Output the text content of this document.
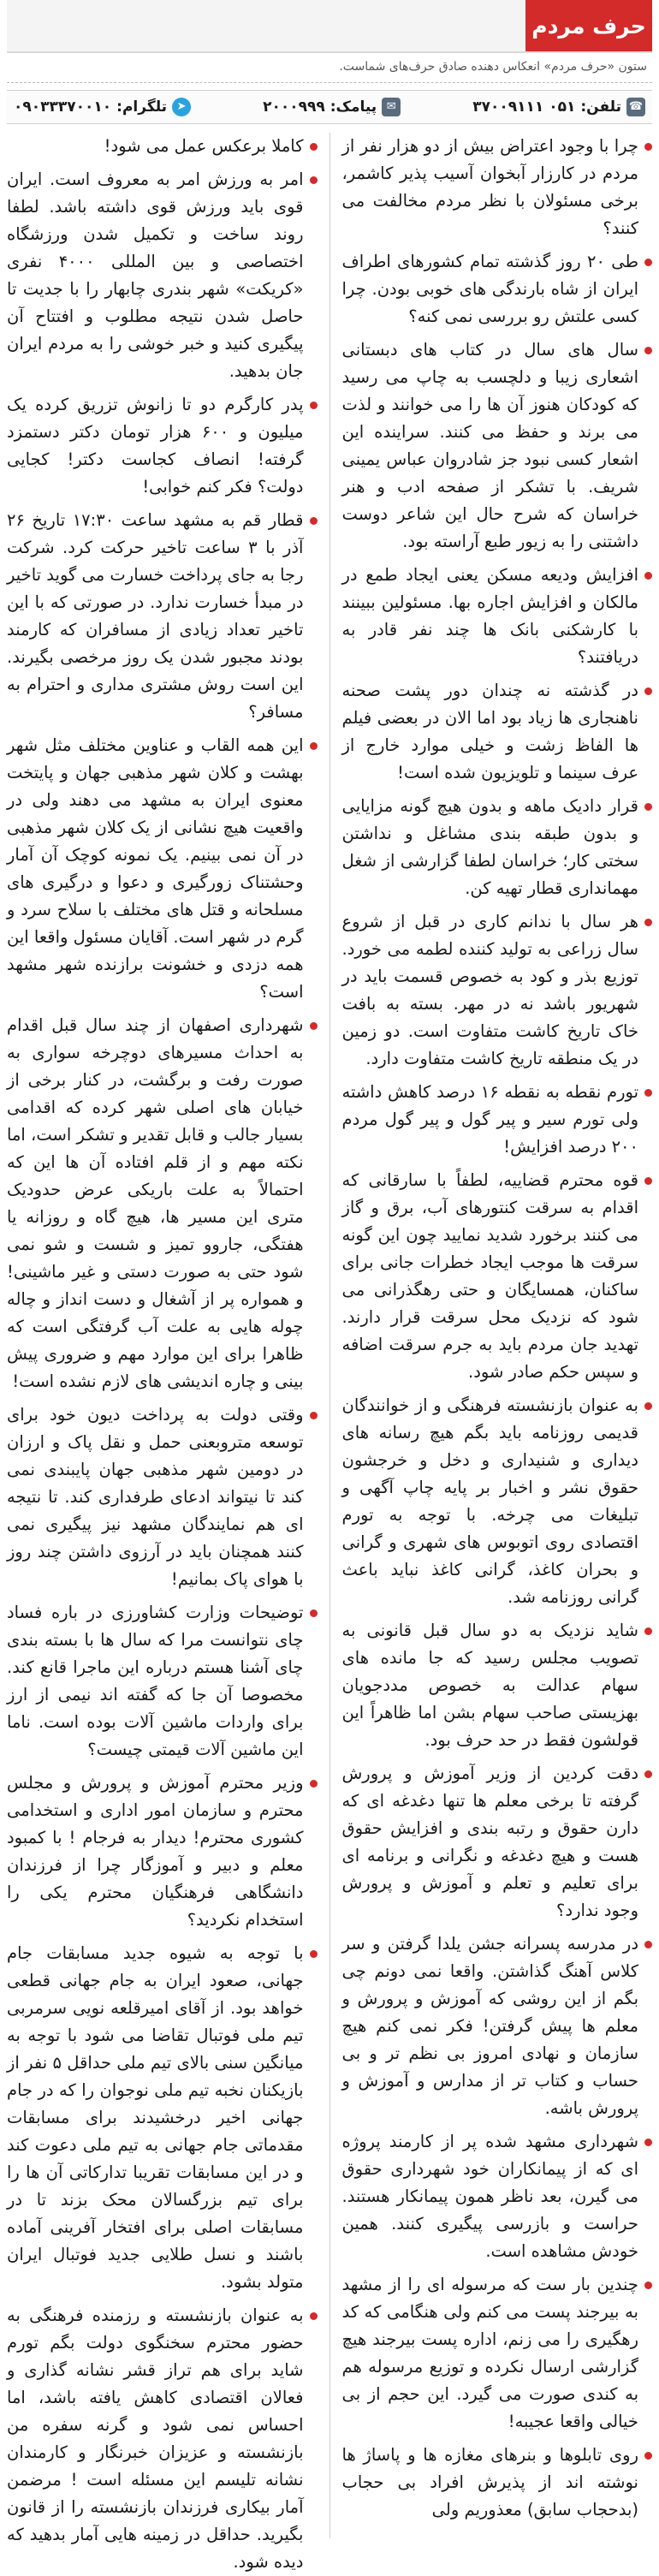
حرف مردم
ستون «حرف مردم» انعکاس دهنده صادق حرف‌های شماست.
☎
تلفن:
۰۵۱ ۳۷۰۰۹۱۱۱
✉
پیامک:
۲۰۰۰۹۹۹
➤
تلگرام:
۰۹۰۳۳۳۷۰۰۱۰
چرا با وجود اعتراض بیش از دو هزار نفر از مردم در کارزار آبخوان آسیب پذیر کاشمر، برخی مسئولان با نظر مردم مخالفت می کنند؟
طی ۲۰ روز گذشته تمام کشورهای اطراف ایران از شاه بارندگی های خوبی بودن. چرا کسی علتش رو بررسی نمی کنه؟
سال های سال در کتاب های دبستانی اشعاری زیبا و دلچسب به چاپ می رسید که کودکان هنوز آن ها را می خوانند و لذت می برند و حفظ می کنند. سراینده این اشعار کسی نبود جز شادروان عباس یمینی شریف. با تشکر از صفحه ادب و هنر خراسان که شرح حال این شاعر دوست داشتنی را به زیور طبع آراسته بود.
افزایش ودیعه مسکن یعنی ایجاد طمع در مالکان و افزایش اجاره بها. مسئولین ببینند با کارشکنی بانک ها چند نفر قادر به دریافتند؟
در گذشته نه چندان دور پشت صحنه ناهنجاری ها زیاد بود اما الان در بعضی فیلم ها الفاظ زشت و خیلی موارد خارج از عرف سینما و تلویزیون شده است!
قرار دادیک ماهه و بدون هیچ گونه مزایایی و بدون طبقه بندی مشاغل و نداشتن سختی کار؛ خراسان لطفا گزارشی از شغل مهمانداری قطار تهیه کن.
هر سال با ندانم کاری در قبل از شروع سال زراعی به تولید کننده لطمه می خورد. توزیع بذر و کود به خصوص قسمت باید در شهریور باشد نه در مهر. بسته به بافت خاک تاریخ کاشت متفاوت است. دو زمین در یک منطقه تاریخ کاشت متفاوت دارد.
تورم نقطه به نقطه ۱۶ درصد کاهش داشته ولی تورم سیر و پیر گول و پیر گول مردم ۲۰۰ درصد افزایش!
قوه محترم قضاییه، لطفاً با سارقانی که اقدام به سرقت کنتورهای آب، برق و گاز می کنند برخورد شدید نمایید چون این گونه سرقت ها موجب ایجاد خطرات جانی برای ساکنان، همسایگان و حتی رهگذرانی می شود که نزدیک محل سرقت قرار دارند. تهدید جان مردم باید به جرم سرقت اضافه و سپس حکم صادر شود.
به عنوان بازنشسته فرهنگی و از خوانندگان قدیمی روزنامه باید بگم هیچ رسانه های دیداری و شنیداری و دخل و خرجشون حقوق نشر و اخبار بر پایه چاپ آگهی و تبلیغات می چرخه. با توجه به تورم اقتصادی روی اتوبوس های شهری و گرانی و بحران کاغذ، گرانی کاغذ نباید باعث گرانی روزنامه شد.
شاید نزدیک به دو سال قبل قانونی به تصویب مجلس رسید که جا مانده های سهام عدالت به خصوص مددجویان بهزیستی صاحب سهام بشن اما ظاهراً این قولشون فقط در حد حرف بود.
دقت کردین از وزیر آموزش و پرورش گرفته تا برخی معلم ها تنها دغدغه ای که دارن حقوق و رتبه بندی و افزایش حقوق هست و هیچ دغدغه و نگرانی و برنامه ای برای تعلیم و تعلم و آموزش و پرورش وجود ندارد؟
در مدرسه پسرانه جشن یلدا گرفتن و سر کلاس آهنگ گذاشتن. واقعا نمی دونم چی بگم از این روشی که آموزش و پرورش و معلم ها پیش گرفتن! فکر نمی کنم هیچ سازمان و نهادی امروز بی نظم تر و بی حساب و کتاب تر از مدارس و آموزش و پرورش باشه.
شهرداری مشهد شده پر از کارمند پروژه ای که از پیمانکاران خود شهرداری حقوق می گیرن، بعد ناظر همون پیمانکار هستند. حراست و بازرسی پیگیری کنند. همین خودش مشاهده است.
چندین بار ست که مرسوله ای را از مشهد به بیرجند پست می کنم ولی هنگامی که کد رهگیری را می زنم، اداره پست بیرجند هیچ گزارشی ارسال نکرده و توزیع مرسوله هم به کندی صورت می گیرد. این حجم از بی خیالی واقعا عجیبه!
روی تابلوها و بنرهای مغازه ها و پاساژ ها نوشته اند از پذیرش افراد بی حجاب (بدحجاب سابق) معذوریم ولی
کاملا برعکس عمل می شود!
امر به ورزش امر به معروف است. ایران قوی باید ورزش قوی داشته باشد. لطفا روند ساخت و تکمیل شدن ورزشگاه اختصاصی و بین المللی ۴۰۰۰ نفری «کریکت» شهر بندری چابهار را با جدیت تا حاصل شدن نتیجه مطلوب و افتتاح آن پیگیری کنید و خبر خوشی را به مردم ایران جان بدهید.
پدر کارگرم دو تا زانوش تزریق کرده یک میلیون و ۶۰۰ هزار تومان دکتر دستمزد گرفته! انصاف کجاست دکتر! کجایی دولت؟ فکر کنم خوابی!
قطار قم به مشهد ساعت ۱۷:۳۰ تاریخ ۲۶ آذر با ۳ ساعت تاخیر حرکت کرد. شرکت رجا به جای پرداخت خسارت می گوید تاخیر در مبدأ خسارت ندارد. در صورتی که با این تاخیر تعداد زیادی از مسافران که کارمند بودند مجبور شدن یک روز مرخصی بگیرند. این است روش مشتری مداری و احترام به مسافر؟
این همه القاب و عناوین مختلف مثل شهر بهشت و کلان شهر مذهبی جهان و پایتخت معنوی ایران به مشهد می دهند ولی در واقعیت هیچ نشانی از یک کلان شهر مذهبی در آن نمی بینیم. یک نمونه کوچک آن آمار وحشتناک زورگیری و دعوا و درگیری های مسلحانه و قتل های مختلف با سلاح سرد و گرم در شهر است. آقایان مسئول واقعا این همه دزدی و خشونت برازنده شهر مشهد است؟
شهرداری اصفهان از چند سال قبل اقدام به احداث مسیرهای دوچرخه سواری به صورت رفت و برگشت، در کنار برخی از خیابان های اصلی شهر کرده که اقدامی بسیار جالب و قابل تقدیر و تشکر است، اما نکته مهم و از قلم افتاده آن ها این که احتمالاً به علت باریکی عرض حدودیک متری این مسیر ها، هیچ گاه و روزانه یا هفتگی، جاروو تمیز و شست و شو نمی شود حتی به صورت دستی و غیر ماشینی! و همواره پر از آشغال و دست انداز و چاله چوله هایی به علت آب گرفتگی است که ظاهرا برای این موارد مهم و ضروری پیش بینی و چاره اندیشی های لازم نشده است!
وقتی دولت به پرداخت دیون خود برای توسعه متروبعنی حمل و نقل پاک و ارزان در دومین شهر مذهبی جهان پایبندی نمی کند تا نیتواند ادعای طرفداری کند. تا نتیجه ای هم نمایندگان مشهد نیز پیگیری نمی کنند همچنان باید در آرزوی داشتن چند روز با هوای پاک بمانیم!
توضیحات وزارت کشاورزی در باره فساد چای نتوانست مرا که سال ها با بسته بندی چای آشنا هستم درباره این ماجرا قانع کند. مخصوصا آن جا که گفته اند نیمی از ارز برای واردات ماشین آلات بوده است. ناما این ماشین آلات قیمتی چیست؟
وزیر محترم آموزش و پرورش و مجلس محترم و سازمان امور اداری و استخدامی کشوری محترم! دیدار به فرجام ! با کمبود معلم و دبیر و آموزگار چرا از فرزندان دانشگاهی فرهنگیان محترم یکی را استخدام نکردید؟
با توجه به شیوه جدید مسابقات جام جهانی، صعود ایران به جام جهانی قطعی خواهد بود. از آقای امیرقلعه نویی سرمربی تیم ملی فوتبال تقاضا می شود با توجه به میانگین سنی بالای تیم ملی حداقل ۵ نفر از بازیکنان نخبه تیم ملی نوجوان را که در جام جهانی اخیر درخشیدند برای مسابقات مقدماتی جام جهانی به تیم ملی دعوت کند و در این مسابقات تقریبا تدارکاتی آن ها را برای تیم بزرگسالان محک بزند تا در مسابقات اصلی برای افتخار آفرینی آماده باشند و نسل طلایی جدید فوتبال ایران متولد بشود.
به عنوان بازنشسته و رزمنده فرهنگی به حضور محترم سخنگوی دولت بگم تورم شاید برای هم تراز قشر نشانه گذاری و فعالان اقتصادی کاهش یافته باشد، اما احساس نمی شود و گرنه سفره من بازنشسته و عزیزان خبرنگار و کارمندان نشانه تلیسم این مسئله است ! مرضمن آمار بیکاری فرزندان بازنشسته را از قانون بگیرید. حداقل در زمینه هایی آمار بدهید که دیده شود.
